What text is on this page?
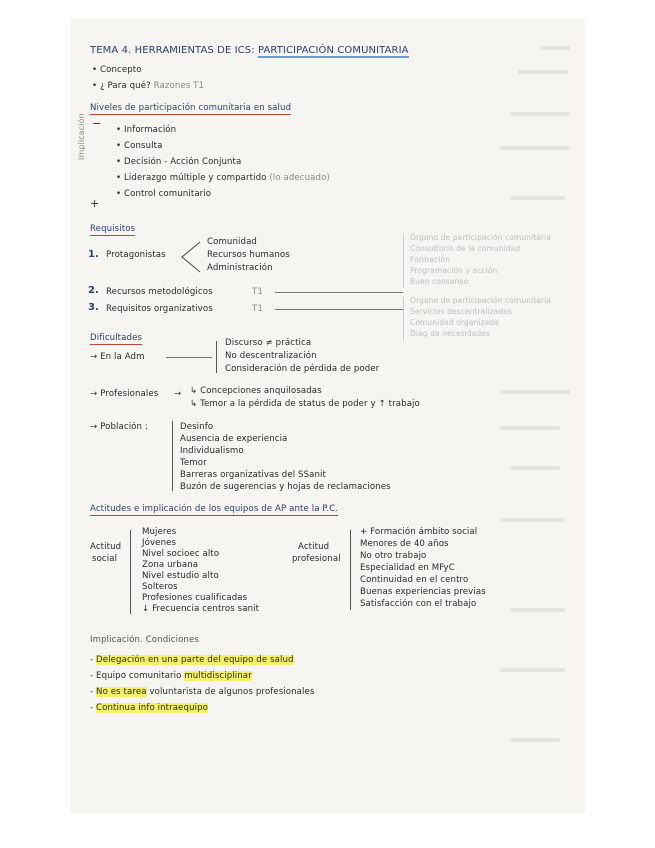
TEMA 4. HERRAMIENTAS DE ICS: PARTICIPACIÓN COMUNITARIA
• Concepto
• ¿ Para qué? Razones T1
Niveles de participación comunitaria en salud
−
Implicación	• Información
• Consulta
• Decisión - Acción Conjunta
• Liderazgo múltiple y compartido (lo adecuado)
• Control comunitario
+
Requisitos
1. Protagonistas
Comunidad
Recursos humanos
Administración
Órgano de participación comunitaria
Consultorio de la comunidad
Formación
Programación y acción
Buen consenso
2. Recursos metodológicos	T1
3. Requisitos organizativos	T1
Órgano de participación comunitaria
Servicios descentralizados
Comunidad organizada
Diag de necesidades
Dificultades
→ En la Adm
Discurso ≠ práctica
No descentralización
Consideración de pérdida de poder
→ Profesionales → ↳ Concepciones anquilosadas
↳ Temor a la pérdida de status de poder y ↑ trabajo
→ Población :	Desinfo
Ausencia de experiencia
Individualismo
Temor
Barreras organizativas del SSanit
Buzón de sugerencias y hojas de reclamaciones
Actitudes e implicación de los equipos de AP ante la P.C.
Actitud
social
Mujeres
Jóvenes
Nivel socioec alto
Zona urbana
Nivel estudio alto
Solteros
Profesiones cualificadas
↓ Frecuencia centros sanit
Actitud
profesional
+ Formación ámbito social
Menores de 40 años
No otro trabajo
Especialidad en MFyC
Continuidad en el centro
Buenas experiencias previas
Satisfacción con el trabajo
Implicación. Condiciones
- Delegación en una parte del equipo de salud
- Equipo comunitario multidisciplinar
- No es tarea voluntarista de algunos profesionales
- Continua info intraequipo
